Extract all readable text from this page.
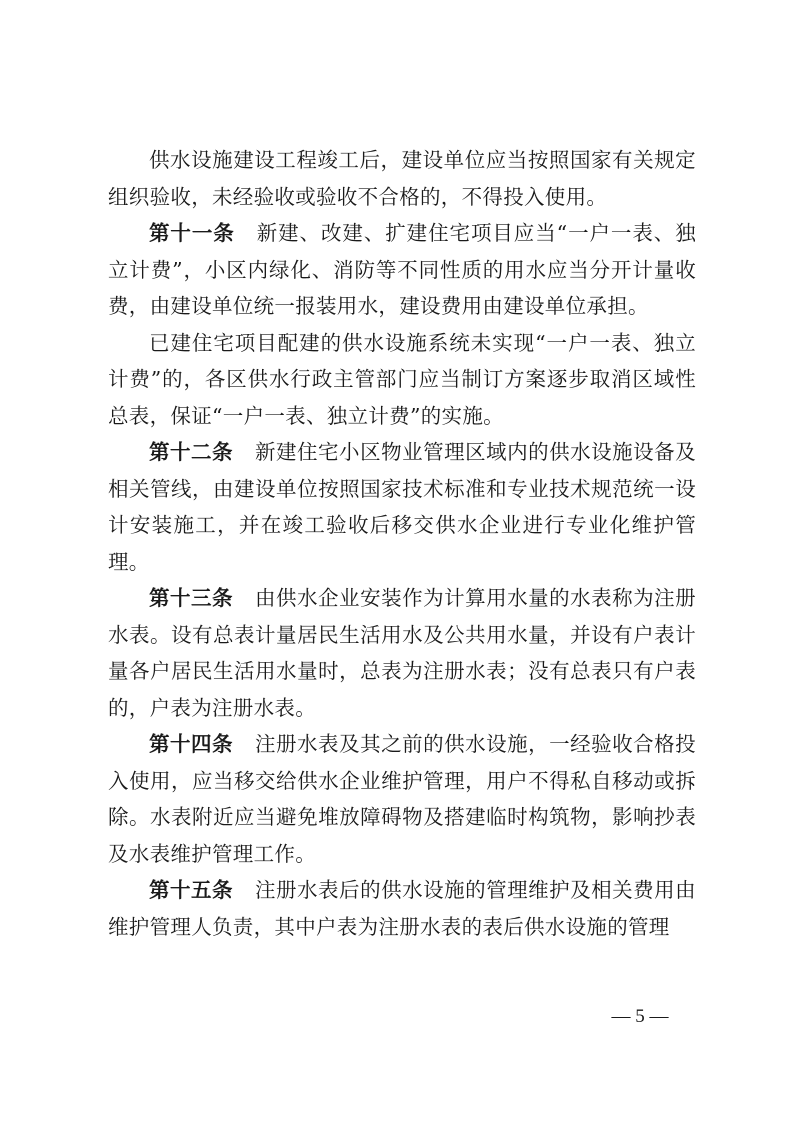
供水设施建设工程竣工后，建设单位应当按照国家有关规定组织验收，未经验收或验收不合格的，不得投入使用。

第十一条 新建、改建、扩建住宅项目应当“一户一表、独立计费”，小区内绿化、消防等不同性质的用水应当分开计量收费，由建设单位统一报装用水，建设费用由建设单位承担。

已建住宅项目配建的供水设施系统未实现“一户一表、独立计费”的，各区供水行政主管部门应当制订方案逐步取消区域性总表，保证“一户一表、独立计费”的实施。

第十二条 新建住宅小区物业管理区域内的供水设施设备及相关管线，由建设单位按照国家技术标准和专业技术规范统一设计安装施工，并在竣工验收后移交供水企业进行专业化维护管理。

第十三条 由供水企业安装作为计算用水量的水表称为注册水表。设有总表计量居民生活用水及公共用水量，并设有户表计量各户居民生活用水量时，总表为注册水表；没有总表只有户表的，户表为注册水表。

第十四条 注册水表及其之前的供水设施，一经验收合格投入使用，应当移交给供水企业维护管理，用户不得私自移动或拆除。水表附近应当避免堆放障碍物及搭建临时构筑物，影响抄表及水表维护管理工作。

第十五条 注册水表后的供水设施的管理维护及相关费用由维护管理人负责，其中户表为注册水表的表后供水设施的管理

— 5 —
